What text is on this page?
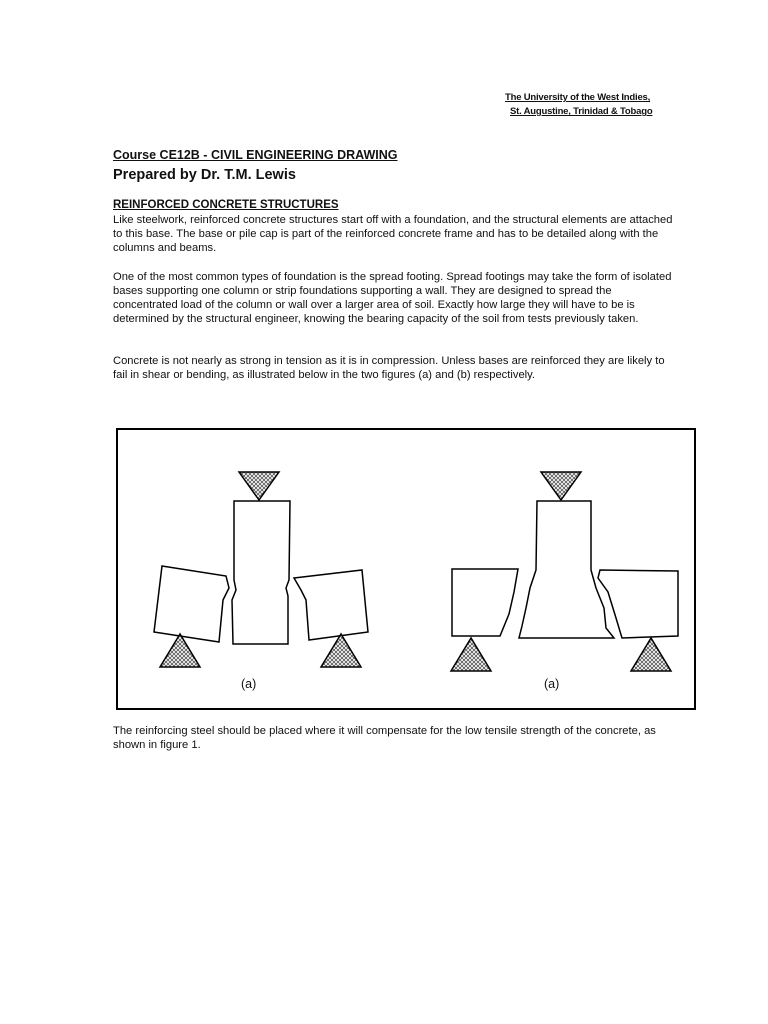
The University of the West Indies,
St. Augustine, Trinidad & Tobago
Course CE12B - CIVIL ENGINEERING DRAWING
Prepared by Dr. T.M. Lewis
REINFORCED CONCRETE STRUCTURES

Like steelwork, reinforced concrete structures start off with a foundation, and the structural elements are attached to this base. The base or pile cap is part of the reinforced concrete frame and has to be detailed along with the columns and beams.

One of the most common types of foundation is the spread footing. Spread footings may take the form of isolated bases supporting one column or strip foundations supporting a wall. They are designed to spread the concentrated load of the column or wall over a larger area of soil. Exactly how large they will have to be is determined by the structural engineer, knowing the bearing capacity of the soil from tests previously taken.

Concrete is not nearly as strong in tension as it is in compression. Unless bases are reinforced they are likely to fail in shear or bending, as illustrated below in the two figures (a) and (b) respectively.

(a)	(a)

The reinforcing steel should be placed where it will compensate for the low tensile strength of the concrete, as shown in figure 1.
